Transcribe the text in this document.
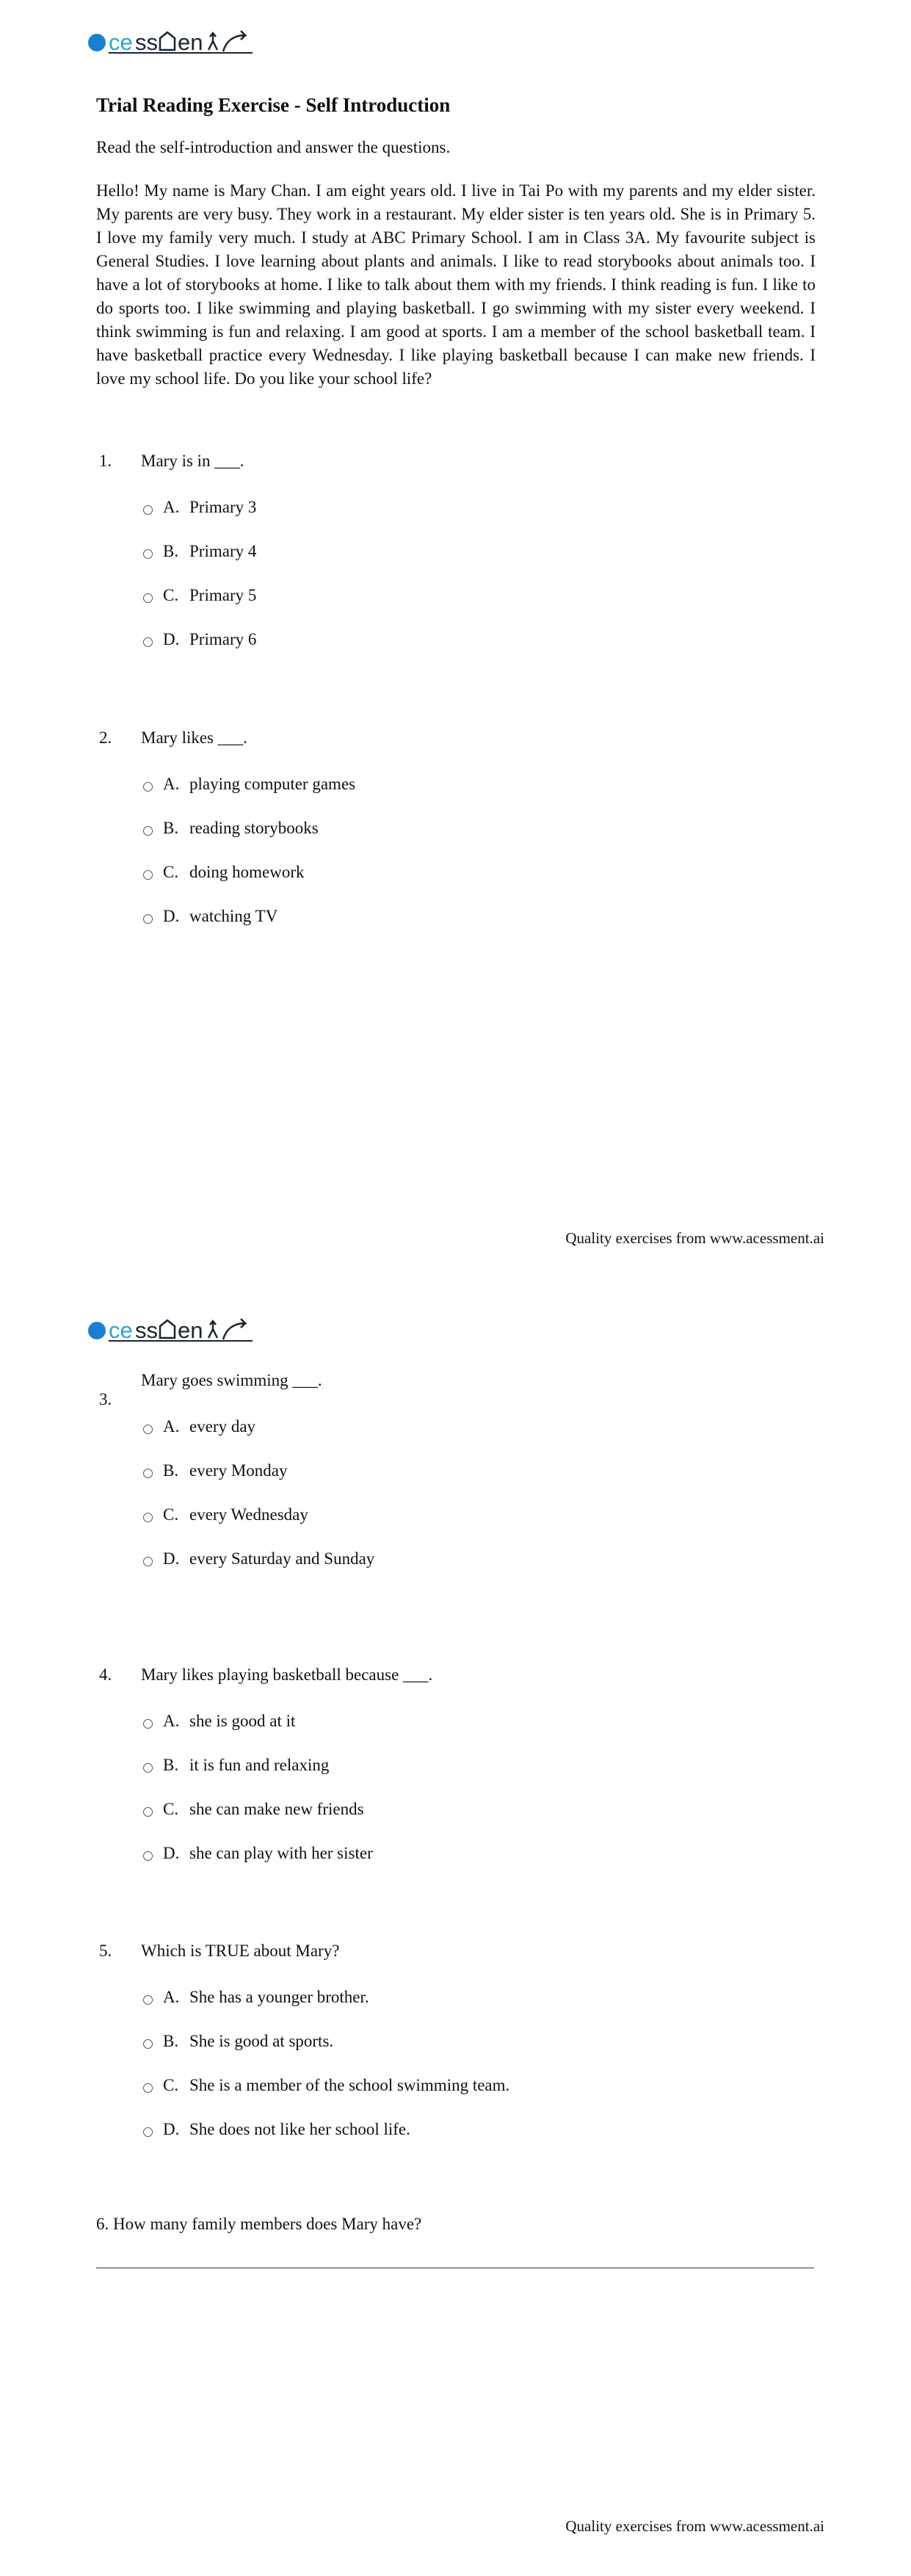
ce ss en
Trial Reading Exercise - Self Introduction
Read the self-introduction and answer the questions.
Hello! My name is Mary Chan. I am eight years old. I live in Tai Po with my parents and my elder sister. My parents are very busy. They work in a restaurant. My elder sister is ten years old. She is in Primary 5. I love my family very much. I study at ABC Primary School. I am in Class 3A. My favourite subject is General Studies. I love learning about plants and animals. I like to read storybooks about animals too. I have a lot of storybooks at home. I like to talk about them with my friends. I think reading is fun. I like to do sports too. I like swimming and playing basketball. I go swimming with my sister every weekend. I think swimming is fun and relaxing. I am good at sports. I am a member of the school basketball team. I have basketball practice every Wednesday. I like playing basketball because I can make new friends. I love my school life. Do you like your school life?
1.	Mary is in ___.
A. Primary 3
B. Primary 4
C. Primary 5
D. Primary 6
2.	Mary likes ___.
A. playing computer games
B. reading storybooks
C. doing homework
D. watching TV
Quality exercises from www.acessment.ai
ce ss en
3.
Mary goes swimming ___.
A. every day
B. every Monday
C. every Wednesday
D. every Saturday and Sunday
4.	Mary likes playing basketball because ___.
A. she is good at it
B. it is fun and relaxing
C. she can make new friends
D. she can play with her sister
5.	Which is TRUE about Mary?
A. She has a younger brother.
B. She is good at sports.
C. She is a member of the school swimming team.
D. She does not like her school life.
6. How many family members does Mary have?
Quality exercises from www.acessment.ai
